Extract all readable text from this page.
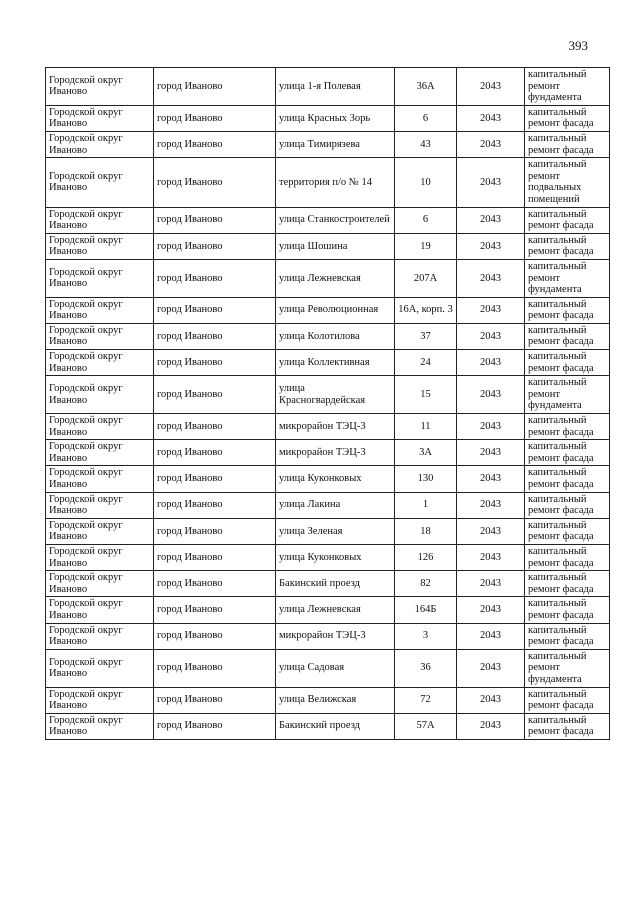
393
Городской округ Иваново	город Иваново	улица 1-я Полевая	36А	2043	капитальный ремонт фундамента
Городской округ Иваново	город Иваново	улица Красных Зорь	6	2043	капитальный ремонт фасада
Городской округ Иваново	город Иваново	улица Тимирязева	43	2043	капитальный ремонт фасада
Городской округ Иваново	город Иваново	территория п/о № 14	10	2043	капитальный ремонт подвальных помещений
Городской округ Иваново	город Иваново	улица Станкостроителей	6	2043	капитальный ремонт фасада
Городской округ Иваново	город Иваново	улица Шошина	19	2043	капитальный ремонт фасада
Городской округ Иваново	город Иваново	улица Лежневская	207А	2043	капитальный ремонт фундамента
Городской округ Иваново	город Иваново	улица Революционная	16А, корп. 3	2043	капитальный ремонт фасада
Городской округ Иваново	город Иваново	улица Колотилова	37	2043	капитальный ремонт фасада
Городской округ Иваново	город Иваново	улица Коллективная	24	2043	капитальный ремонт фасада
Городской округ Иваново	город Иваново	улица Красногвардейская	15	2043	капитальный ремонт фундамента
Городской округ Иваново	город Иваново	микрорайон ТЭЦ-3	11	2043	капитальный ремонт фасада
Городской округ Иваново	город Иваново	микрорайон ТЭЦ-3	3А	2043	капитальный ремонт фасада
Городской округ Иваново	город Иваново	улица Куконковых	130	2043	капитальный ремонт фасада
Городской округ Иваново	город Иваново	улица Лакина	1	2043	капитальный ремонт фасада
Городской округ Иваново	город Иваново	улица Зеленая	18	2043	капитальный ремонт фасада
Городской округ Иваново	город Иваново	улица Куконковых	126	2043	капитальный ремонт фасада
Городской округ Иваново	город Иваново	Бакинский проезд	82	2043	капитальный ремонт фасада
Городской округ Иваново	город Иваново	улица Лежневская	164Б	2043	капитальный ремонт фасада
Городской округ Иваново	город Иваново	микрорайон ТЭЦ-3	3	2043	капитальный ремонт фасада
Городской округ Иваново	город Иваново	улица Садовая	36	2043	капитальный ремонт фундамента
Городской округ Иваново	город Иваново	улица Велижская	72	2043	капитальный ремонт фасада
Городской округ Иваново	город Иваново	Бакинский проезд	57А	2043	капитальный ремонт фасада
